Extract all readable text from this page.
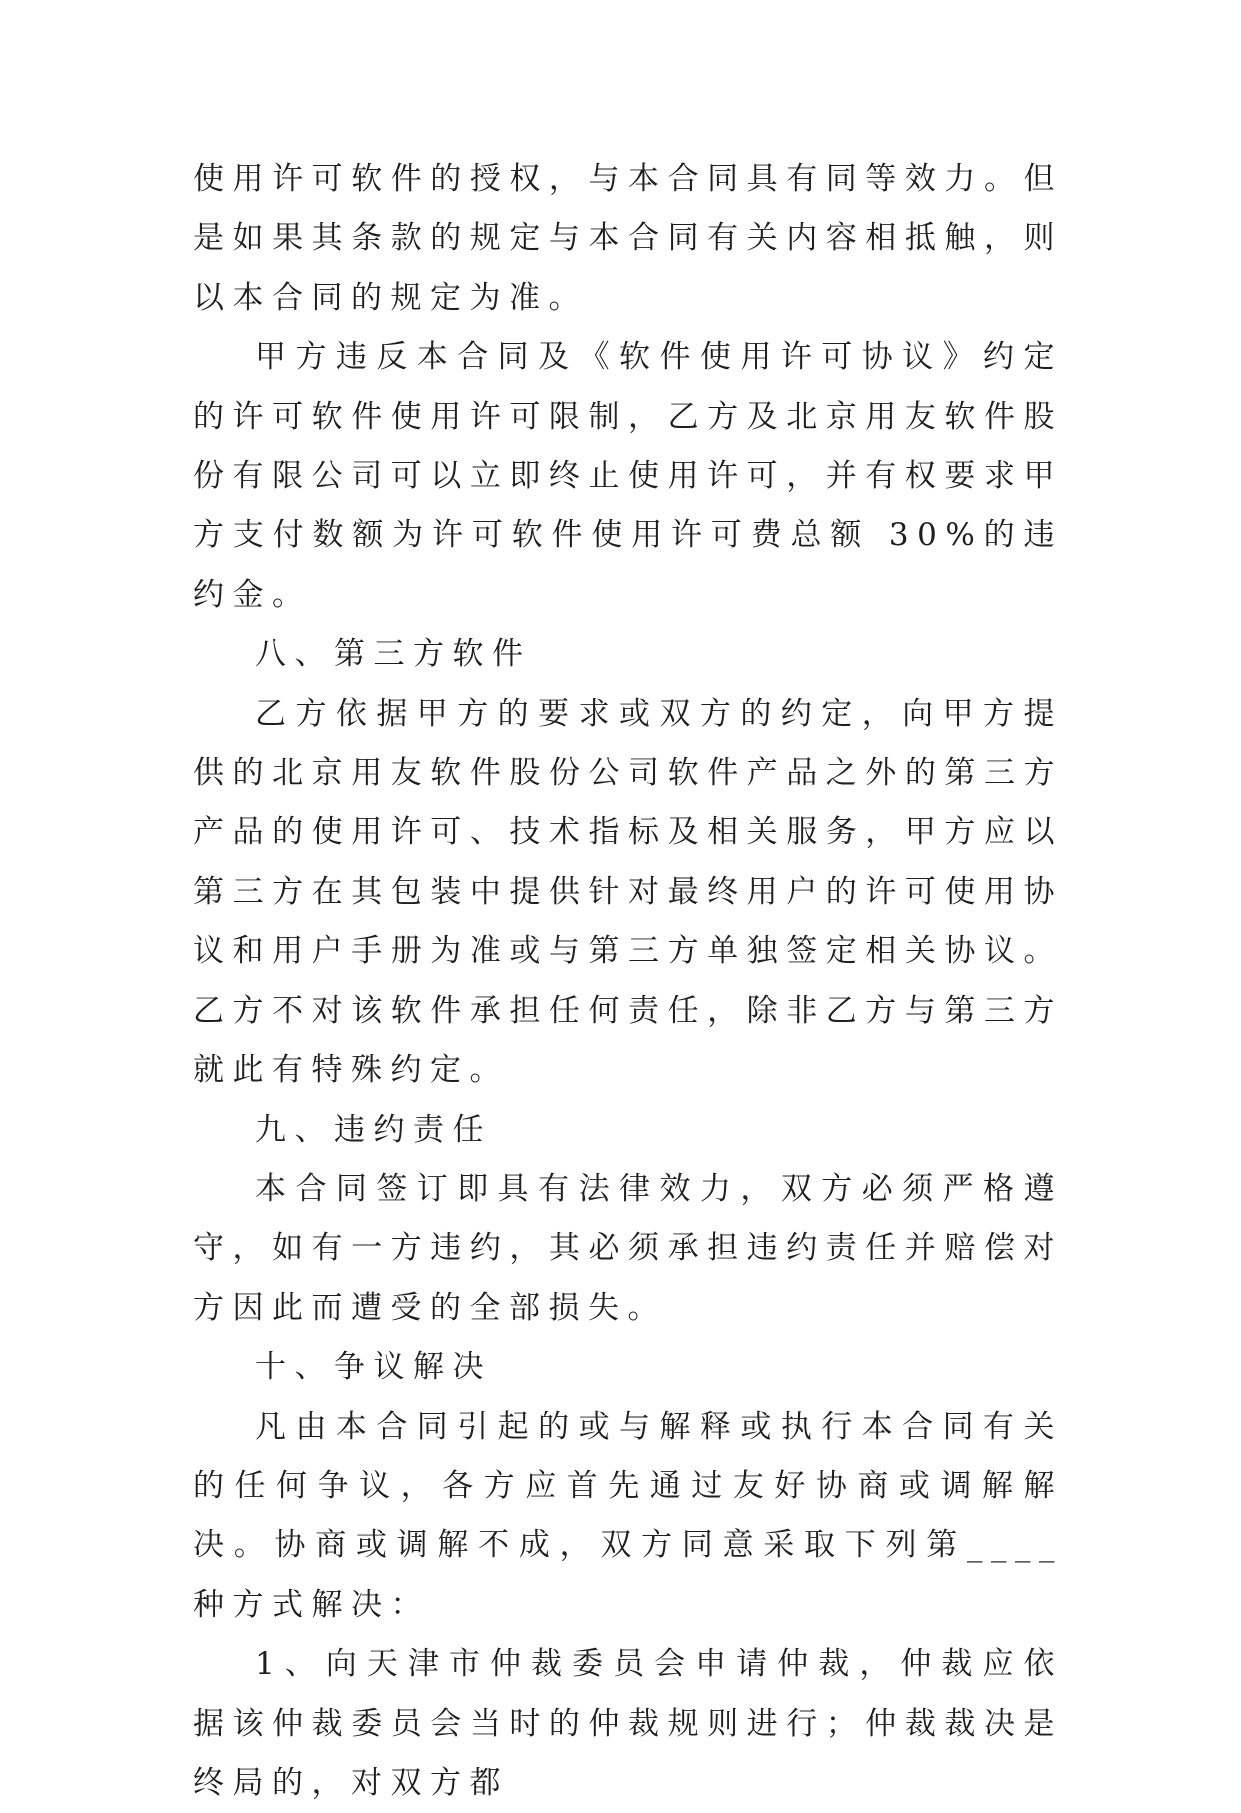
使用许可软件的授权，与本合同具有同等效力。但是如果其条款的规定与本合同有关内容相抵触，则以本合同的规定为准。

甲方违反本合同及《软件使用许可协议》约定的许可软件使用许可限制，乙方及北京用友软件股份有限公司可以立即终止使用许可，并有权要求甲方支付数额为许可软件使用许可费总额 30%的违约金。

八、第三方软件

乙方依据甲方的要求或双方的约定，向甲方提供的北京用友软件股份公司软件产品之外的第三方产品的使用许可、技术指标及相关服务，甲方应以第三方在其包装中提供针对最终用户的许可使用协议和用户手册为准或与第三方单独签定相关协议。乙方不对该软件承担任何责任，除非乙方与第三方就此有特殊约定。

九、违约责任

本合同签订即具有法律效力，双方必须严格遵守，如有一方违约，其必须承担违约责任并赔偿对方因此而遭受的全部损失。

十、争议解决

凡由本合同引起的或与解释或执行本合同有关的任何争议，各方应首先通过友好协商或调解解决。协商或调解不成，双方同意采取下列第____种方式解决：

1、向天津市仲裁委员会申请仲裁，仲裁应依据该仲裁委员会当时的仲裁规则进行；仲裁裁决是终局的，对双方都
